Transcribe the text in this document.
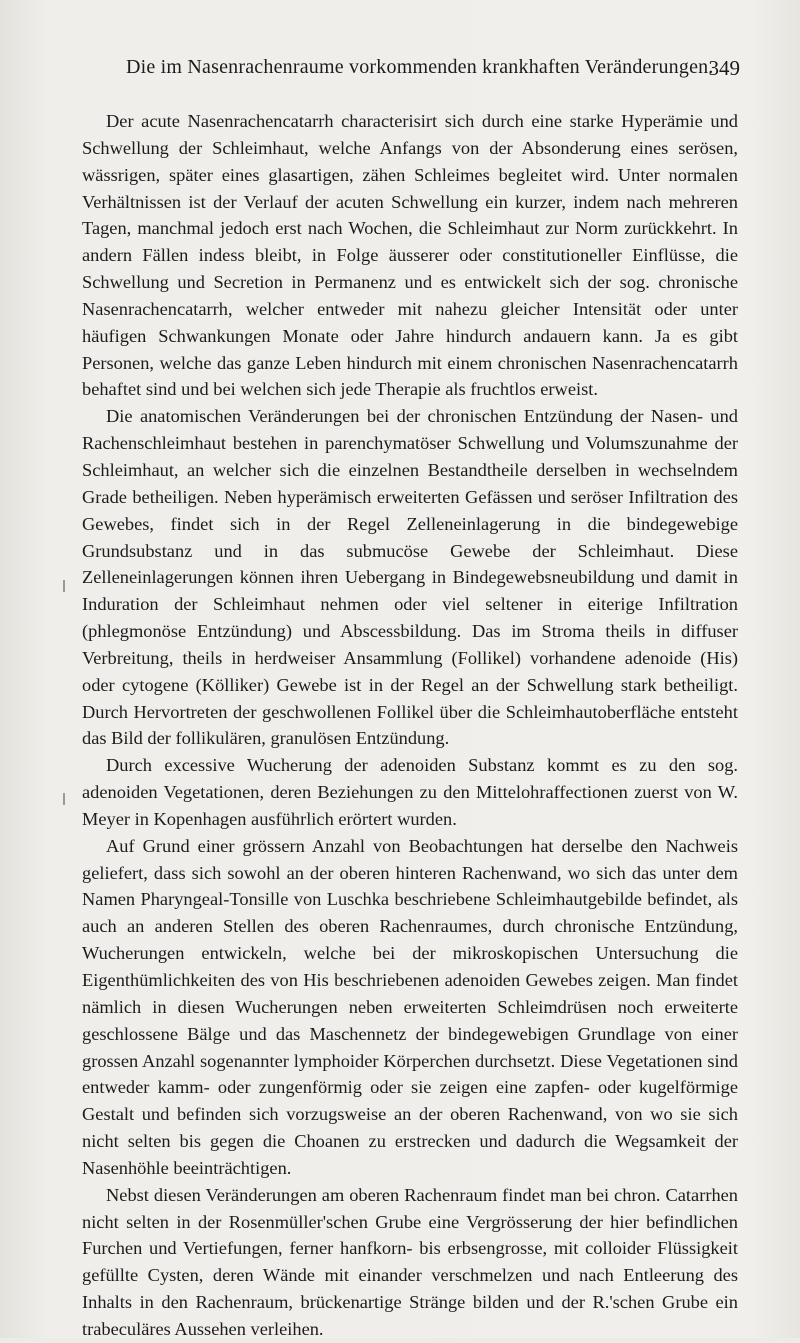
Die im Nasenrachenraume vorkommenden krankhaften Veränderungen.
349

Der acute Nasenrachencatarrh characterisirt sich durch eine starke Hyperämie und Schwellung der Schleimhaut, welche Anfangs von der Absonderung eines serösen, wässrigen, später eines glasartigen, zähen Schleimes begleitet wird. Unter normalen Verhältnissen ist der Verlauf der acuten Schwellung ein kurzer, indem nach mehreren Tagen, manchmal jedoch erst nach Wochen, die Schleimhaut zur Norm zurückkehrt. In andern Fällen indess bleibt, in Folge äusserer oder constitutioneller Einflüsse, die Schwellung und Secretion in Permanenz und es entwickelt sich der sog. chronische Nasenrachencatarrh, welcher entweder mit nahezu gleicher Intensität oder unter häufigen Schwankungen Monate oder Jahre hindurch andauern kann. Ja es gibt Personen, welche das ganze Leben hindurch mit einem chronischen Nasenrachencatarrh behaftet sind und bei welchen sich jede Therapie als fruchtlos erweist.

Die anatomischen Veränderungen bei der chronischen Entzündung der Nasen- und Rachenschleimhaut bestehen in parenchymatöser Schwellung und Volumszunahme der Schleimhaut, an welcher sich die einzelnen Bestandtheile derselben in wechselndem Grade betheiligen. Neben hyperämisch erweiterten Gefässen und seröser Infiltration des Gewebes, findet sich in der Regel Zelleneinlagerung in die bindegewebige Grundsubstanz und in das submucöse Gewebe der Schleimhaut. Diese Zelleneinlagerungen können ihren Uebergang in Bindegewebsneubildung und damit in Induration der Schleimhaut nehmen oder viel seltener in eiterige Infiltration (phlegmonöse Entzündung) und Abscessbildung. Das im Stroma theils in diffuser Verbreitung, theils in herdweiser Ansammlung (Follikel) vorhandene adenoide (His) oder cytogene (Kölliker) Gewebe ist in der Regel an der Schwellung stark betheiligt. Durch Hervortreten der geschwollenen Follikel über die Schleimhautoberfläche entsteht das Bild der follikulären, granulösen Entzündung.

Durch excessive Wucherung der adenoiden Substanz kommt es zu den sog. adenoiden Vegetationen, deren Beziehungen zu den Mittelohraffectionen zuerst von W. Meyer in Kopenhagen ausführlich erörtert wurden.

Auf Grund einer grössern Anzahl von Beobachtungen hat derselbe den Nachweis geliefert, dass sich sowohl an der oberen hinteren Rachenwand, wo sich das unter dem Namen Pharyngeal-Tonsille von Luschka beschriebene Schleimhautgebilde befindet, als auch an anderen Stellen des oberen Rachenraumes, durch chronische Entzündung, Wucherungen entwickeln, welche bei der mikroskopischen Untersuchung die Eigenthümlichkeiten des von His beschriebenen adenoiden Gewebes zeigen. Man findet nämlich in diesen Wucherungen neben erweiterten Schleimdrüsen noch erweiterte geschlossene Bälge und das Maschennetz der bindegewebigen Grundlage von einer grossen Anzahl sogenannter lymphoider Körperchen durchsetzt. Diese Vegetationen sind entweder kamm- oder zungenförmig oder sie zeigen eine zapfen- oder kugelförmige Gestalt und befinden sich vorzugsweise an der oberen Rachenwand, von wo sie sich nicht selten bis gegen die Choanen zu erstrecken und dadurch die Wegsamkeit der Nasenhöhle beeinträchtigen.

Nebst diesen Veränderungen am oberen Rachenraum findet man bei chron. Catarrhen nicht selten in der Rosenmüller'schen Grube eine Vergrösserung der hier befindlichen Furchen und Vertiefungen, ferner hanfkorn- bis erbsengrosse, mit colloider Flüssigkeit gefüllte Cysten, deren Wände mit einander verschmelzen und nach Entleerung des Inhalts in den Rachenraum, brückenartige Stränge bilden und der R.'schen Grube ein trabeculäres Aussehen verleihen.
